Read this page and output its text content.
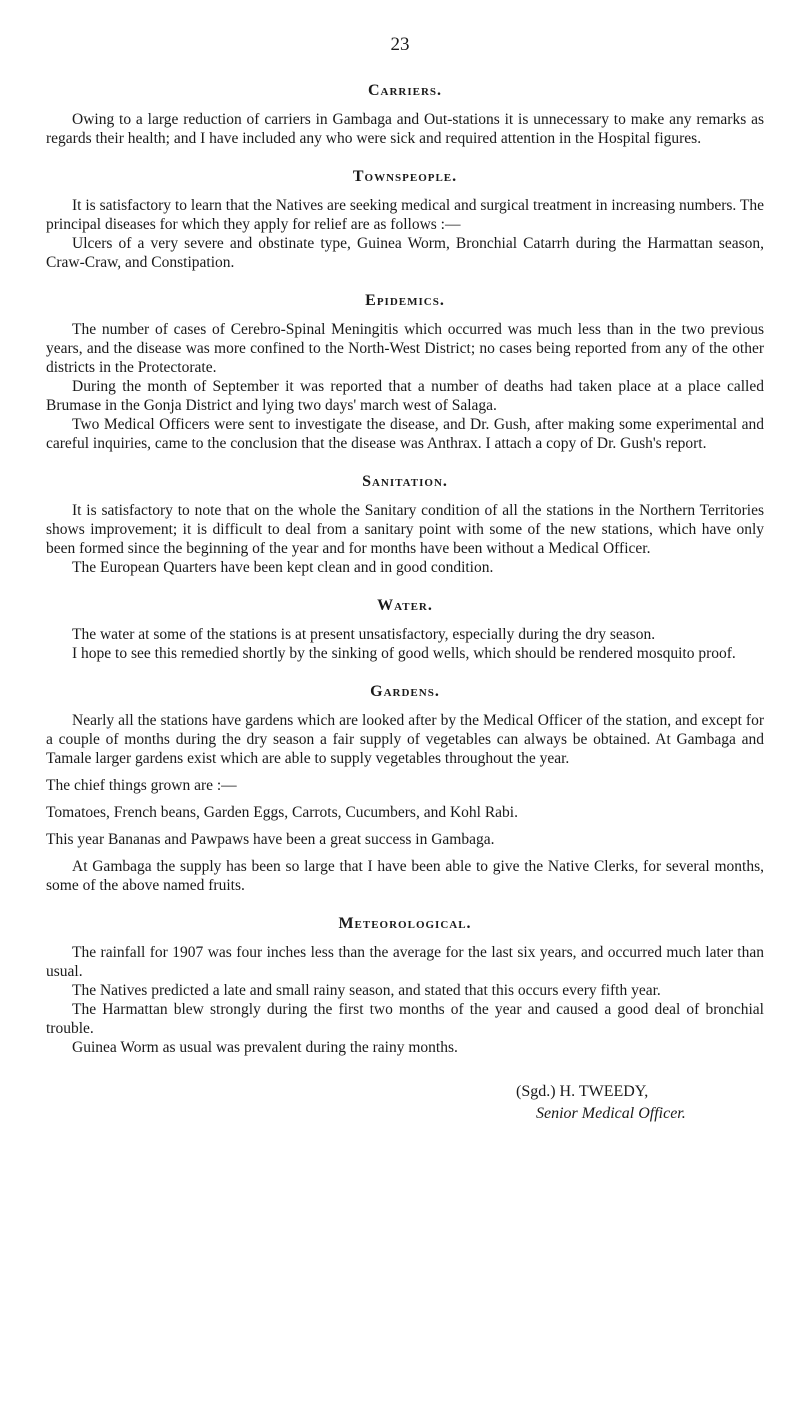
23
Carriers.

Owing to a large reduction of carriers in Gambaga and Out-stations it is unnecessary to make any remarks as regards their health; and I have included any who were sick and required attention in the Hospital figures.

Townspeople.

It is satisfactory to learn that the Natives are seeking medical and surgical treatment in increasing numbers. The principal diseases for which they apply for relief are as follows :—

Ulcers of a very severe and obstinate type, Guinea Worm, Bronchial Catarrh during the Harmattan season, Craw-Craw, and Constipation.

Epidemics.

The number of cases of Cerebro-Spinal Meningitis which occurred was much less than in the two previous years, and the disease was more confined to the North-West District; no cases being reported from any of the other districts in the Protectorate.

During the month of September it was reported that a number of deaths had taken place at a place called Brumase in the Gonja District and lying two days' march west of Salaga.

Two Medical Officers were sent to investigate the disease, and Dr. Gush, after making some experimental and careful inquiries, came to the conclusion that the disease was Anthrax. I attach a copy of Dr. Gush's report.

Sanitation.

It is satisfactory to note that on the whole the Sanitary condition of all the stations in the Northern Territories shows improvement; it is difficult to deal from a sanitary point with some of the new stations, which have only been formed since the beginning of the year and for months have been without a Medical Officer.

The European Quarters have been kept clean and in good condition.

Water.

The water at some of the stations is at present unsatisfactory, especially during the dry season.

I hope to see this remedied shortly by the sinking of good wells, which should be rendered mosquito proof.

Gardens.

Nearly all the stations have gardens which are looked after by the Medical Officer of the station, and except for a couple of months during the dry season a fair supply of vegetables can always be obtained. At Gambaga and Tamale larger gardens exist which are able to supply vegetables throughout the year.

The chief things grown are :—

Tomatoes, French beans, Garden Eggs, Carrots, Cucumbers, and Kohl Rabi.

This year Bananas and Pawpaws have been a great success in Gambaga.

At Gambaga the supply has been so large that I have been able to give the Native Clerks, for several months, some of the above named fruits.

Meteorological.

The rainfall for 1907 was four inches less than the average for the last six years, and occurred much later than usual.

The Natives predicted a late and small rainy season, and stated that this occurs every fifth year.

The Harmattan blew strongly during the first two months of the year and caused a good deal of bronchial trouble.

Guinea Worm as usual was prevalent during the rainy months.

(Sgd.) H. TWEEDY,
Senior Medical Officer.
